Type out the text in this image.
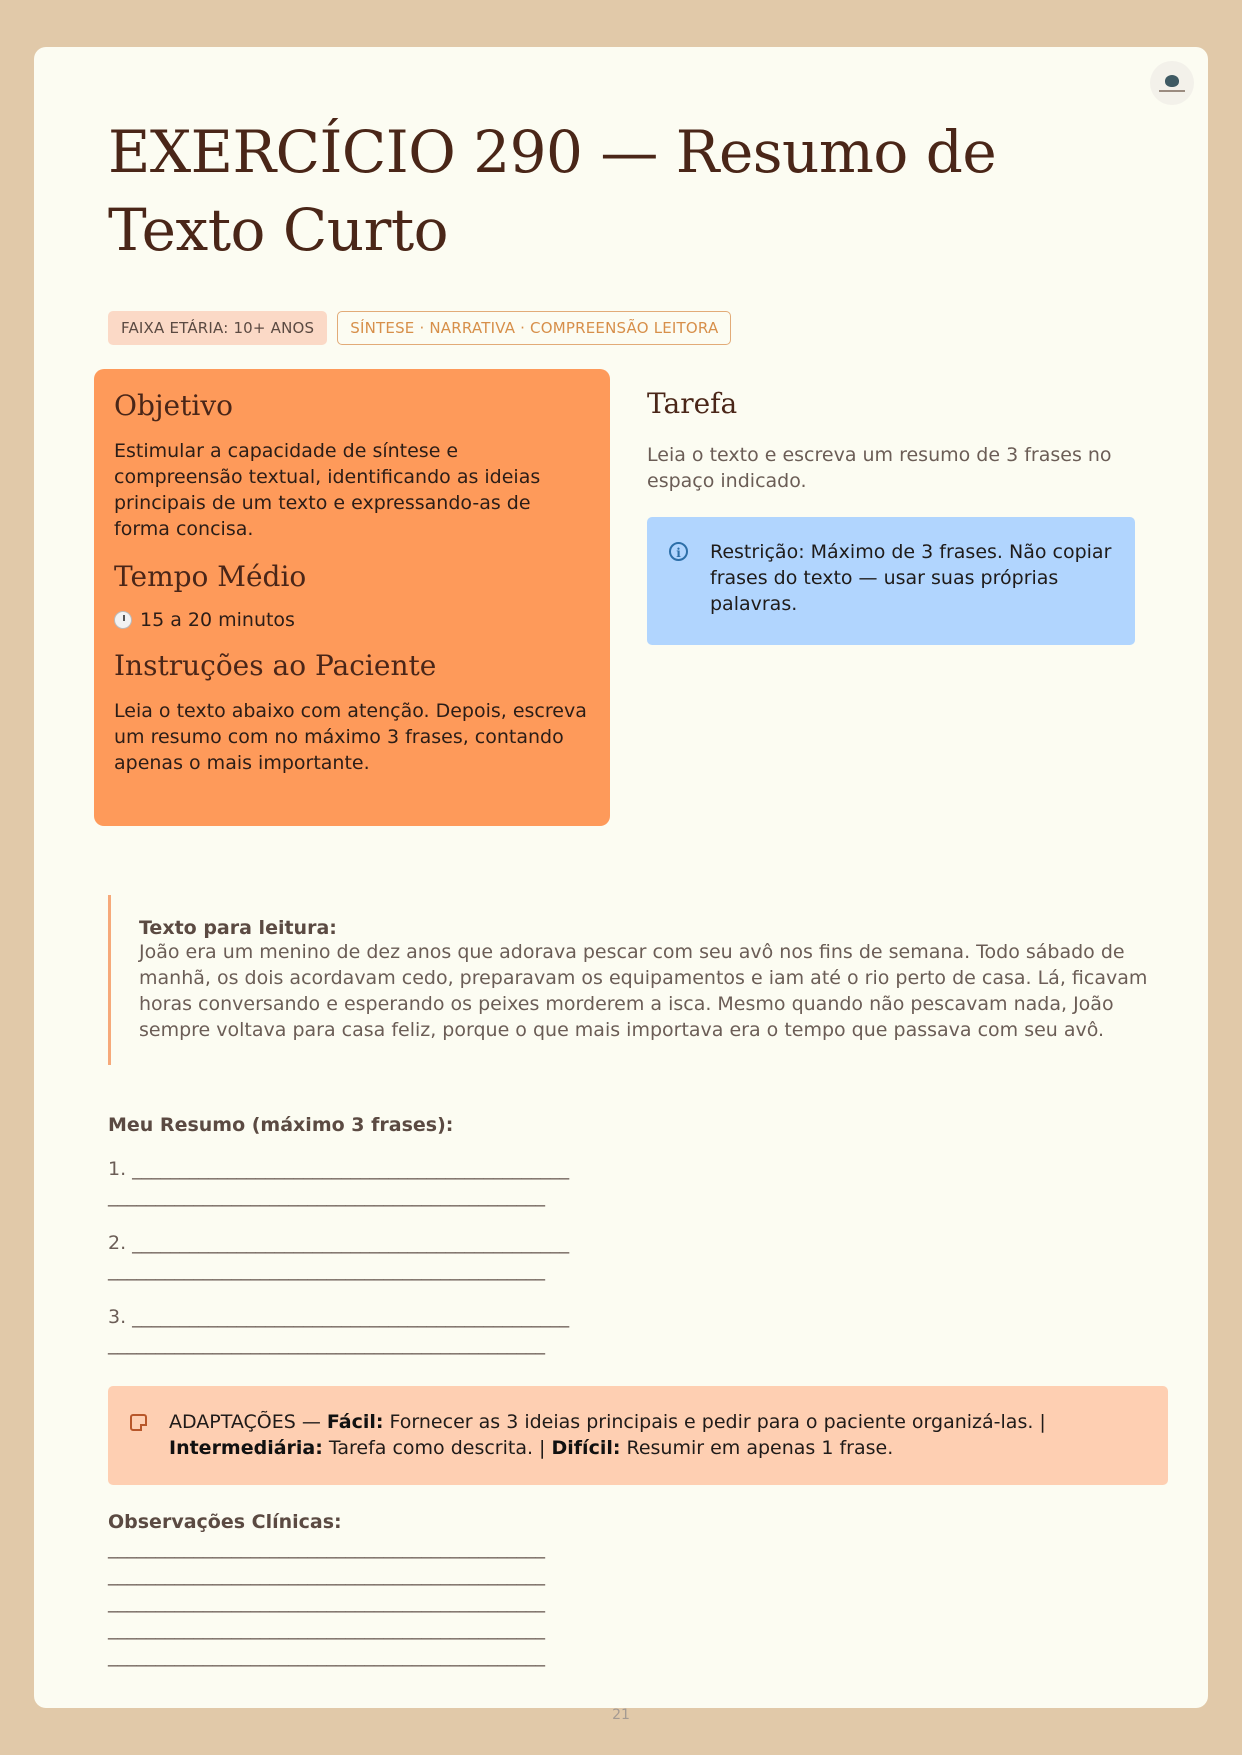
EXERCÍCIO 290 — Resumo de Texto Curto
FAIXA ETÁRIA: 10+ ANOS	SÍNTESE · NARRATIVA · COMPREENSÃO LEITORA
Objetivo

Estimular a capacidade de síntese e compreensão textual, identificando as ideias principais de um texto e expressando-as de forma concisa.

Tempo Médio
15 a 20 minutos
Instruções ao Paciente

Leia o texto abaixo com atenção. Depois, escreva um resumo com no máximo 3 frases, contando apenas o mais importante.

Tarefa

Leia o texto e escreva um resumo de 3 frases no espaço indicado.

i	Restrição: Máximo de 3 frases. Não copiar frases do texto — usar suas próprias palavras.
Texto para leitura:
João era um menino de dez anos que adorava pescar com seu avô nos fins de semana. Todo sábado de manhã, os dois acordavam cedo, preparavam os equipamentos e iam até o rio perto de casa. Lá, ficavam horas conversando e esperando os peixes morderem a isca. Mesmo quando não pescavam nada, João sempre voltava para casa feliz, porque o que mais importava era o tempo que passava com seu avô.

Meu Resumo (máximo 3 frases):

1. ______________________________________________
______________________________________________

2. ______________________________________________
______________________________________________

3. ______________________________________________
______________________________________________

ADAPTAÇÕES — Fácil: Fornecer as 3 ideias principais e pedir para o paciente organizá-las. | Intermediária: Tarefa como descrita. | Difícil: Resumir em apenas 1 frase.

Observações Clínicas:

______________________________________________

______________________________________________

______________________________________________

______________________________________________

______________________________________________

21
